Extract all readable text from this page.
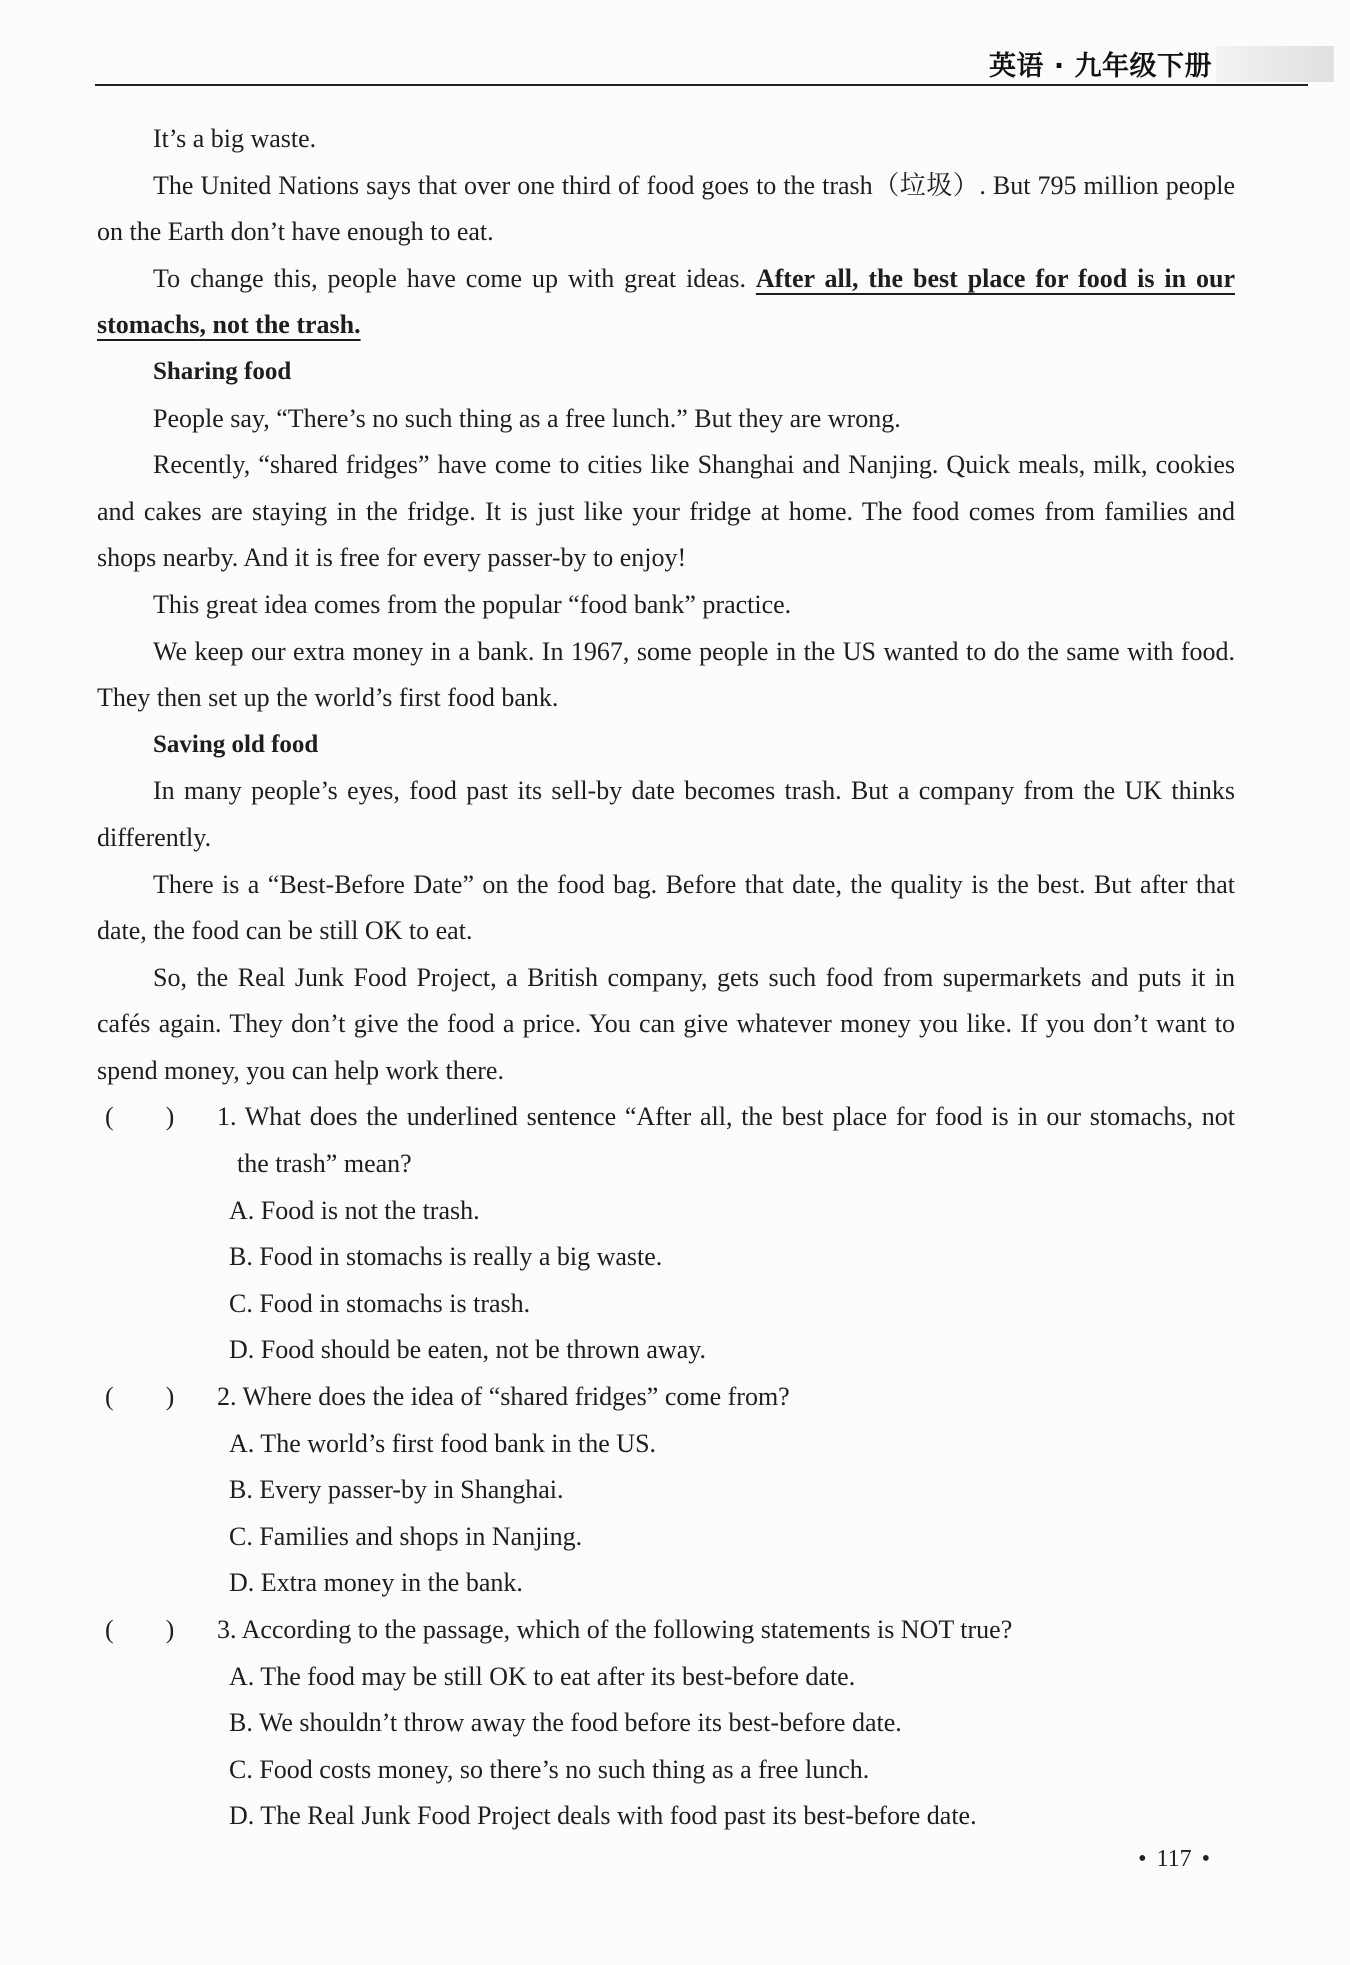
英语 · 九年级下册

It’s a big waste.

The United Nations says that over one third of food goes to the trash（垃圾）. But 795 million people on the Earth don’t have enough to eat.

To change this, people have come up with great ideas. After all, the best place for food is in our stomachs, not the trash.

Sharing food

People say, “There’s no such thing as a free lunch.” But they are wrong.

Recently, “shared fridges” have come to cities like Shanghai and Nanjing. Quick meals, milk, cookies and cakes are staying in the fridge. It is just like your fridge at home. The food comes from families and shops nearby. And it is free for every passer-by to enjoy!

This great idea comes from the popular “food bank” practice.

We keep our extra money in a bank. In 1967, some people in the US wanted to do the same with food. They then set up the world’s first food bank.

Saving old food

In many people’s eyes, food past its sell-by date becomes trash. But a company from the UK thinks differently.

There is a “Best-Before Date” on the food bag. Before that date, the quality is the best. But after that date, the food can be still OK to eat.

So, the Real Junk Food Project, a British company, gets such food from supermarkets and puts it in cafés again. They don’t give the food a price. You can give whatever money you like. If you don’t want to spend money, you can help work there.

(　　) 1. What does the underlined sentence “After all, the best place for food is in our stomachs, not the trash” mean?

A. Food is not the trash.

B. Food in stomachs is really a big waste.

C. Food in stomachs is trash.

D. Food should be eaten, not be thrown away.

(　　) 2. Where does the idea of “shared fridges” come from?

A. The world’s first food bank in the US.

B. Every passer-by in Shanghai.

C. Families and shops in Nanjing.

D. Extra money in the bank.

(　　) 3. According to the passage, which of the following statements is NOT true?

A. The food may be still OK to eat after its best-before date.

B. We shouldn’t throw away the food before its best-before date.

C. Food costs money, so there’s no such thing as a free lunch.

D. The Real Junk Food Project deals with food past its best-before date.

• 117 •
